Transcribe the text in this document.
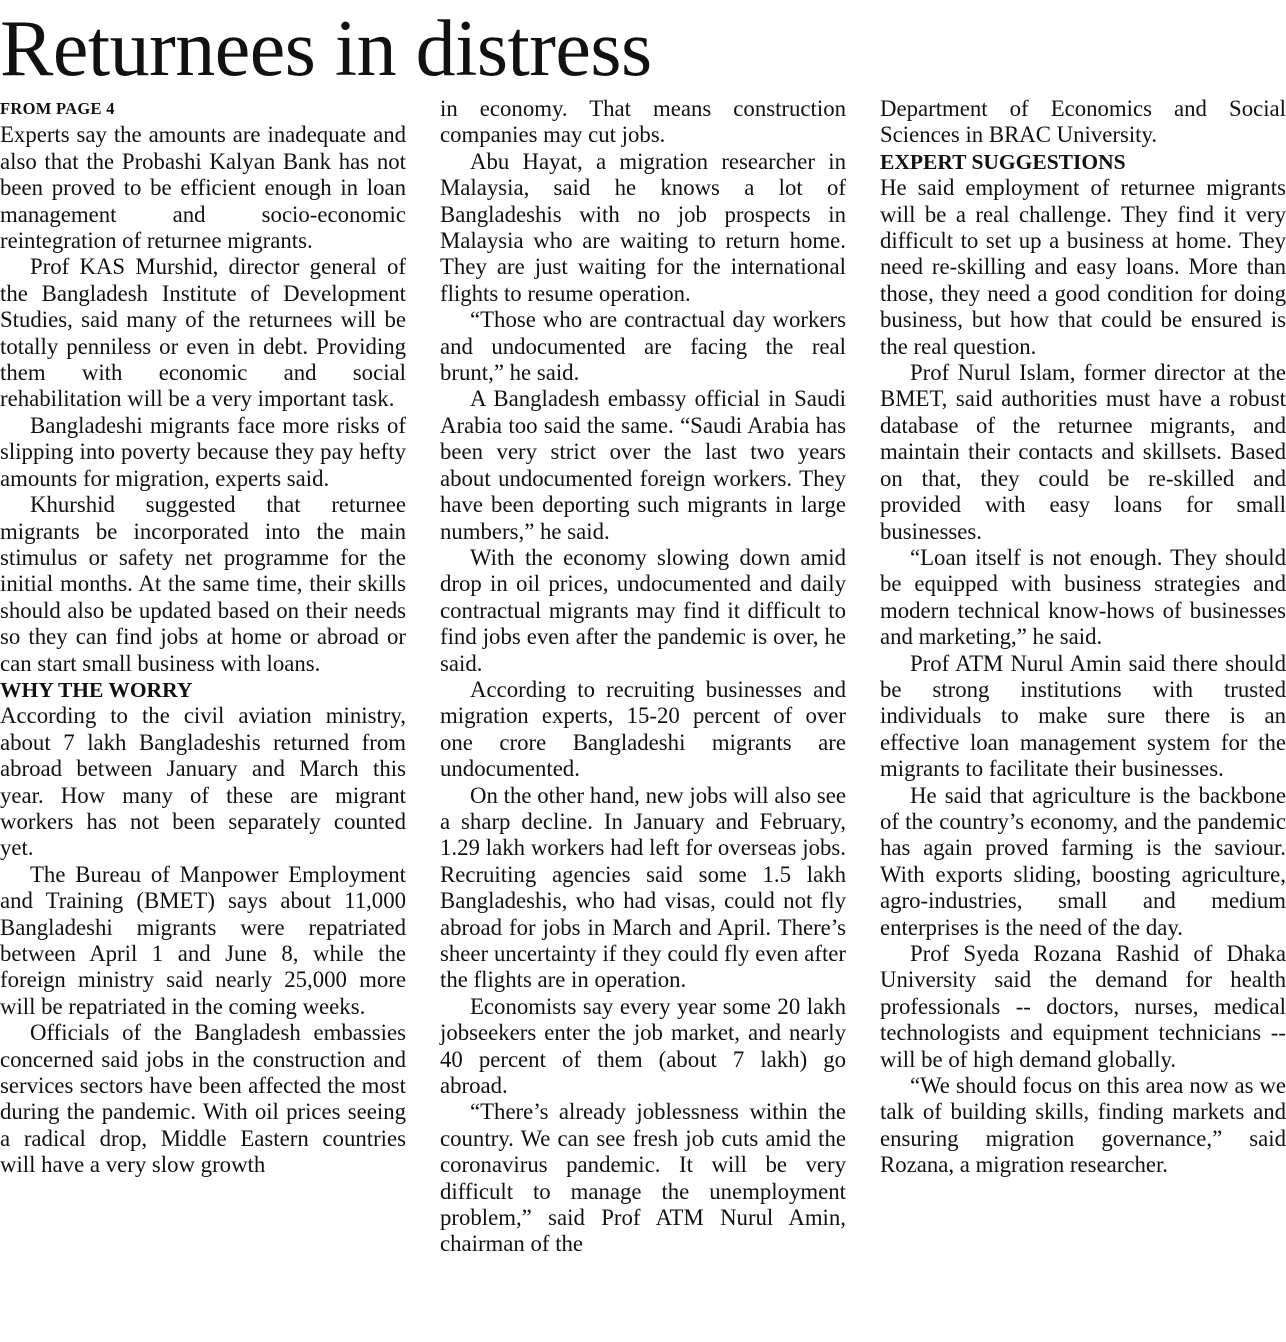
Returnees in distress
FROM PAGE 4

Experts say the amounts are inadequate and also that the Probashi Kalyan Bank has not been proved to be efficient enough in loan management and socio-economic reintegration of returnee migrants.

Prof KAS Murshid, director general of the Bangladesh Institute of Development Studies, said many of the returnees will be totally penniless or even in debt. Providing them with economic and social rehabilitation will be a very important task.

Bangladeshi migrants face more risks of slipping into poverty because they pay hefty amounts for migration, experts said.

Khurshid suggested that returnee migrants be incorporated into the main stimulus or safety net programme for the initial months. At the same time, their skills should also be updated based on their needs so they can find jobs at home or abroad or can start small business with loans.

WHY THE WORRY

According to the civil aviation ministry, about 7 lakh Bangladeshis returned from abroad between January and March this year. How many of these are migrant workers has not been separately counted yet.

The Bureau of Manpower Employment and Training (BMET) says about 11,000 Bangladeshi migrants were repatriated between April 1 and June 8, while the foreign ministry said nearly 25,000 more will be repatriated in the coming weeks.

Officials of the Bangladesh embassies concerned said jobs in the construction and services sectors have been affected the most during the pandemic. With oil prices seeing a radical drop, Middle Eastern countries will have a very slow growth

in economy. That means construction companies may cut jobs.

Abu Hayat, a migration researcher in Malaysia, said he knows a lot of Bangladeshis with no job prospects in Malaysia who are waiting to return home. They are just waiting for the international flights to resume operation.

“Those who are contractual day workers and undocumented are facing the real brunt,” he said.

A Bangladesh embassy official in Saudi Arabia too said the same. “Saudi Arabia has been very strict over the last two years about undocumented foreign workers. They have been deporting such migrants in large numbers,” he said.

With the economy slowing down amid drop in oil prices, undocumented and daily contractual migrants may find it difficult to find jobs even after the pandemic is over, he said.

According to recruiting businesses and migration experts, 15-20 percent of over one crore Bangladeshi migrants are undocumented.

On the other hand, new jobs will also see a sharp decline. In January and February, 1.29 lakh workers had left for overseas jobs. Recruiting agencies said some 1.5 lakh Bangladeshis, who had visas, could not fly abroad for jobs in March and April. There’s sheer uncertainty if they could fly even after the flights are in operation.

Economists say every year some 20 lakh jobseekers enter the job market, and nearly 40 percent of them (about 7 lakh) go abroad.

“There’s already joblessness within the country. We can see fresh job cuts amid the coronavirus pandemic. It will be very difficult to manage the unemployment problem,” said Prof ATM Nurul Amin, chairman of the

Department of Economics and Social Sciences in BRAC University.

EXPERT SUGGESTIONS

He said employment of returnee migrants will be a real challenge. They find it very difficult to set up a business at home. They need re-skilling and easy loans. More than those, they need a good condition for doing business, but how that could be ensured is the real question.

Prof Nurul Islam, former director at the BMET, said authorities must have a robust database of the returnee migrants, and maintain their contacts and skillsets. Based on that, they could be re-skilled and provided with easy loans for small businesses.

“Loan itself is not enough. They should be equipped with business strategies and modern technical know-hows of businesses and marketing,” he said.

Prof ATM Nurul Amin said there should be strong institutions with trusted individuals to make sure there is an effective loan management system for the migrants to facilitate their businesses.

He said that agriculture is the backbone of the country’s economy, and the pandemic has again proved farming is the saviour. With exports sliding, boosting agriculture, agro-industries, small and medium enterprises is the need of the day.

Prof Syeda Rozana Rashid of Dhaka University said the demand for health professionals -- doctors, nurses, medical technologists and equipment technicians -- will be of high demand globally.

“We should focus on this area now as we talk of building skills, finding markets and ensuring migration governance,” said Rozana, a migration researcher.
